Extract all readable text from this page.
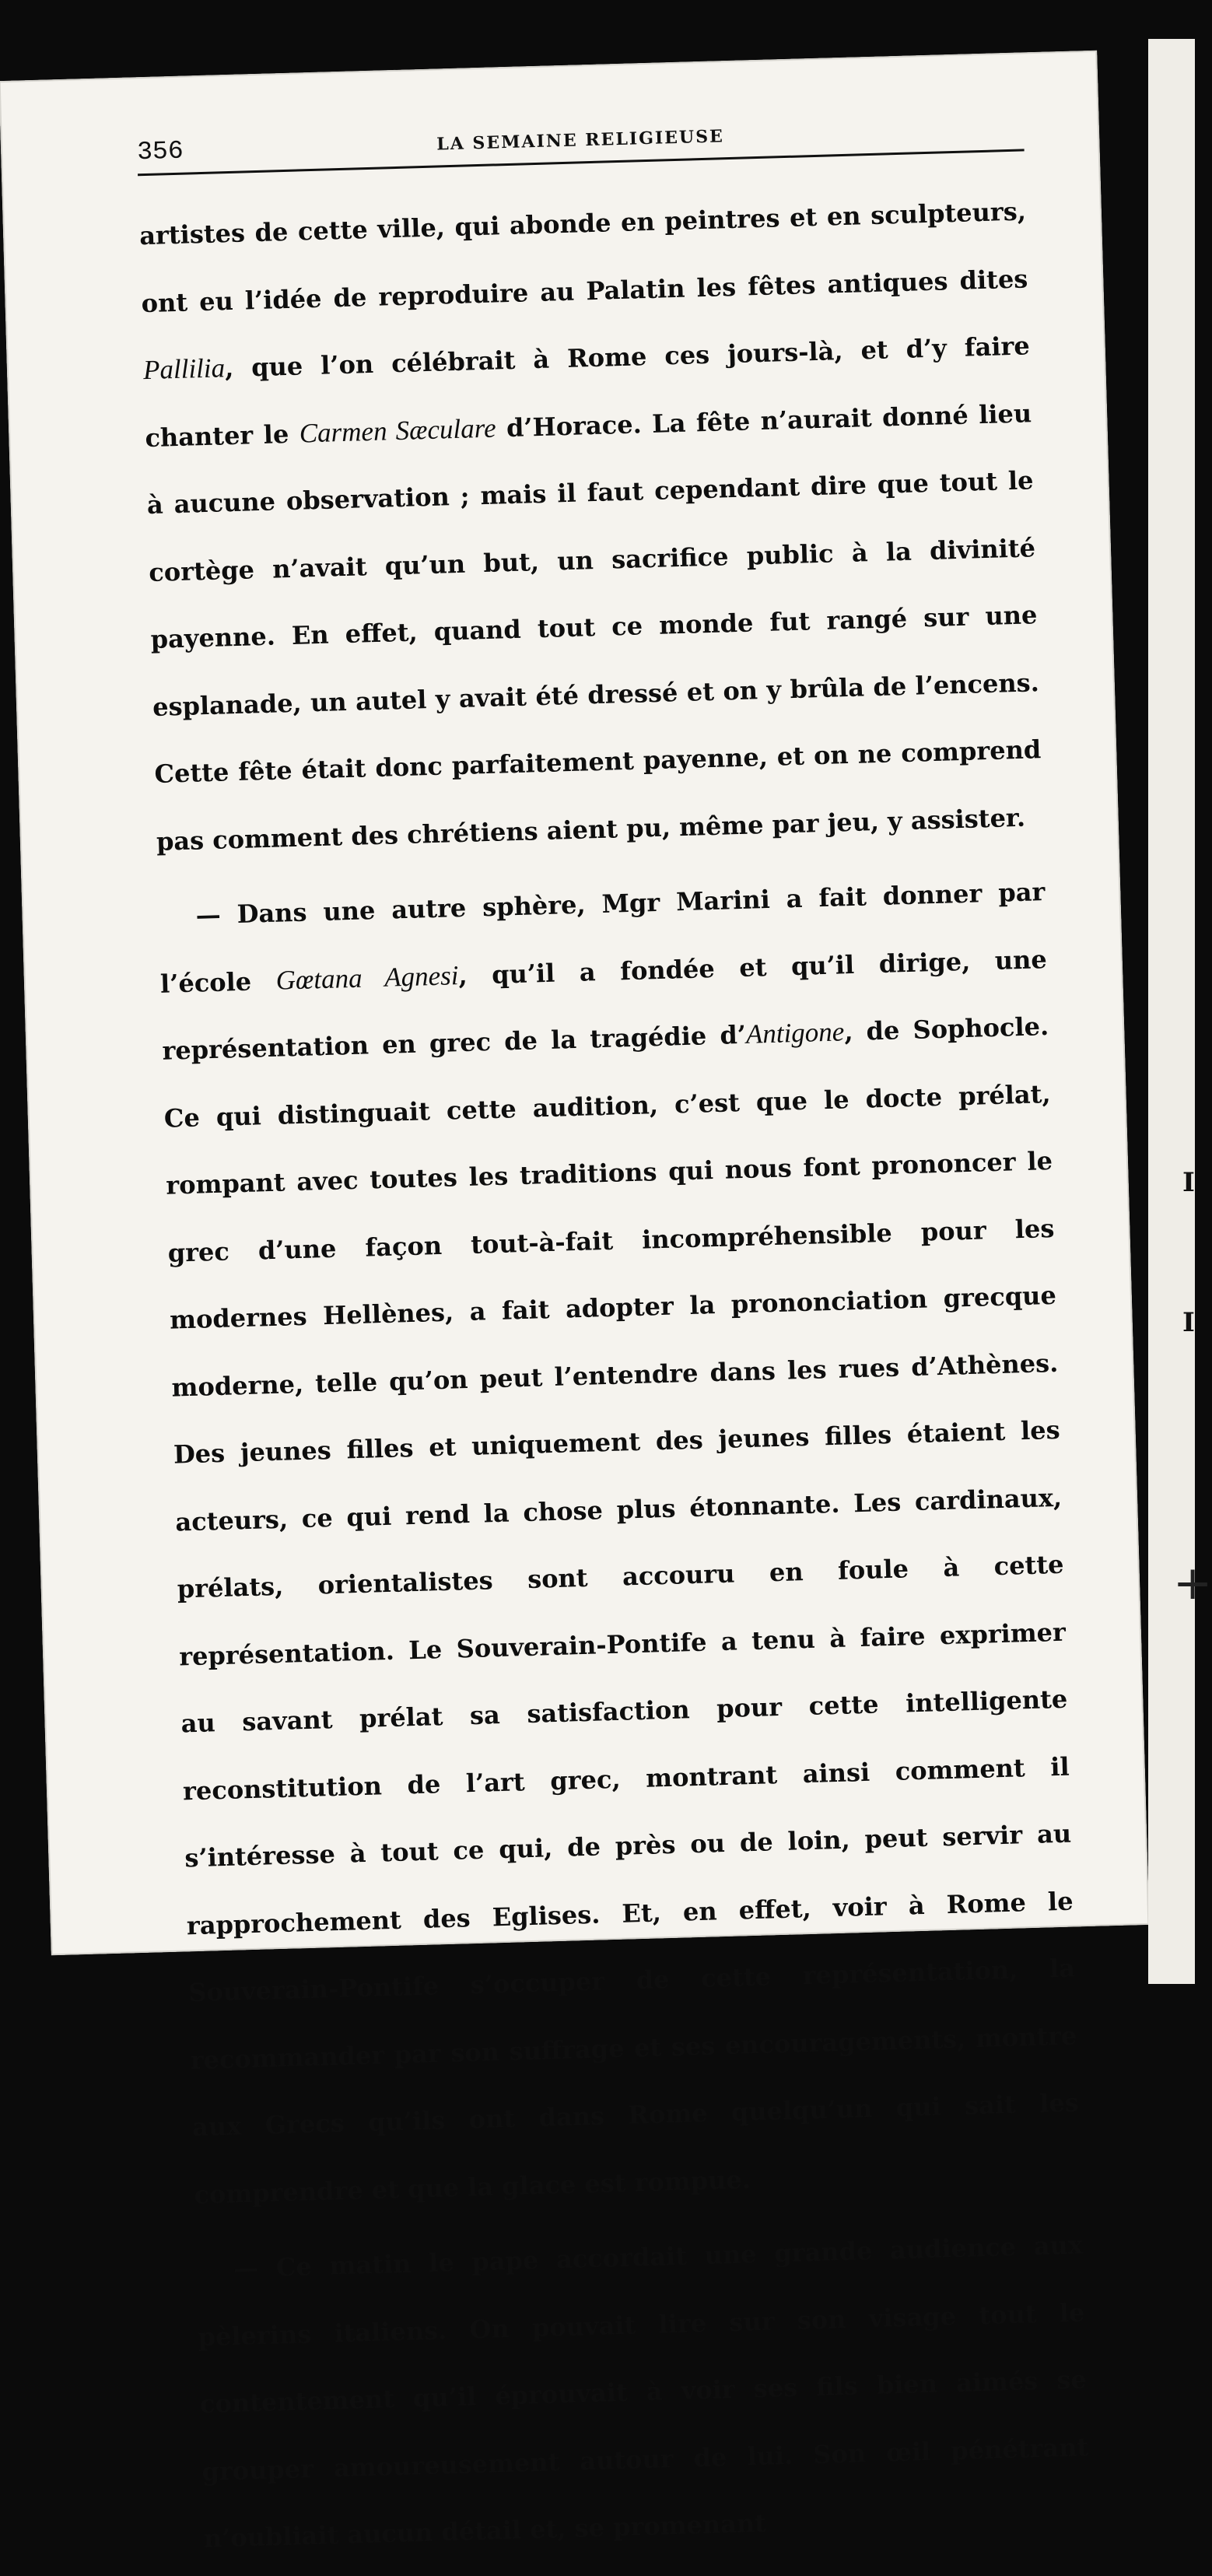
356	LA SEMAINE RELIGIEUSE

artistes de cette ville, qui abonde en peintres et en sculpteurs, ont eu l’idée de reproduire au Palatin les fêtes antiques dites Pallilia, que l’on célébrait à Rome ces jours-là, et d’y faire chanter le Carmen Sæculare d’Horace. La fête n’aurait donné lieu à aucune observation ; mais il faut cependant dire que tout le cortège n’avait qu’un but, un sacrifice public à la divinité payenne. En effet, quand tout ce monde fut rangé sur une esplanade, un autel y avait été dressé et on y brûla de l’encens. Cette fête était donc parfaitement payenne, et on ne comprend pas comment des chrétiens aient pu, même par jeu, y assister.

— Dans une autre sphère, Mgr Marini a fait donner par l’école Gœtana Agnesi, qu’il a fondée et qu’il dirige, une représentation en grec de la tragédie d’Antigone, de Sophocle. Ce qui distinguait cette audition, c’est que le docte prélat, rompant avec toutes les traditions qui nous font prononcer le grec d’une façon tout-à-fait incompréhensible pour les modernes Hellènes, a fait adopter la prononciation grecque moderne, telle qu’on peut l’entendre dans les rues d’Athènes. Des jeunes filles et uniquement des jeunes filles étaient les acteurs, ce qui rend la chose plus étonnante. Les cardinaux, prélats, orientalistes sont accouru en foule à cette représentation. Le Souverain-Pontife a tenu à faire exprimer au savant prélat sa satisfaction pour cette intelligente reconstitution de l’art grec, montrant ainsi comment il s’intéresse à tout ce qui, de près ou de loin, peut servir au rapprochement des Eglises. Et, en effet, voir à Rome le Souverain-Pontife s’occuper de cette représentation, la recommander par son suffrage et ses encouragements, montre aux Grecs qu’ils ont dans Rome quelqu’un qui sait les comprendre et que la glace est rompue.

— Ce matin le pape accordait une grande audience aux pèlerins italiens. On pouvait lire sur son visage tout le contentement qu’il éprouvait à voir ses fils bien aimés se grouper amoureusement autour de lui. Son œil pénétrant n’oubliait aucun détail et, se promenant

I
I
+
